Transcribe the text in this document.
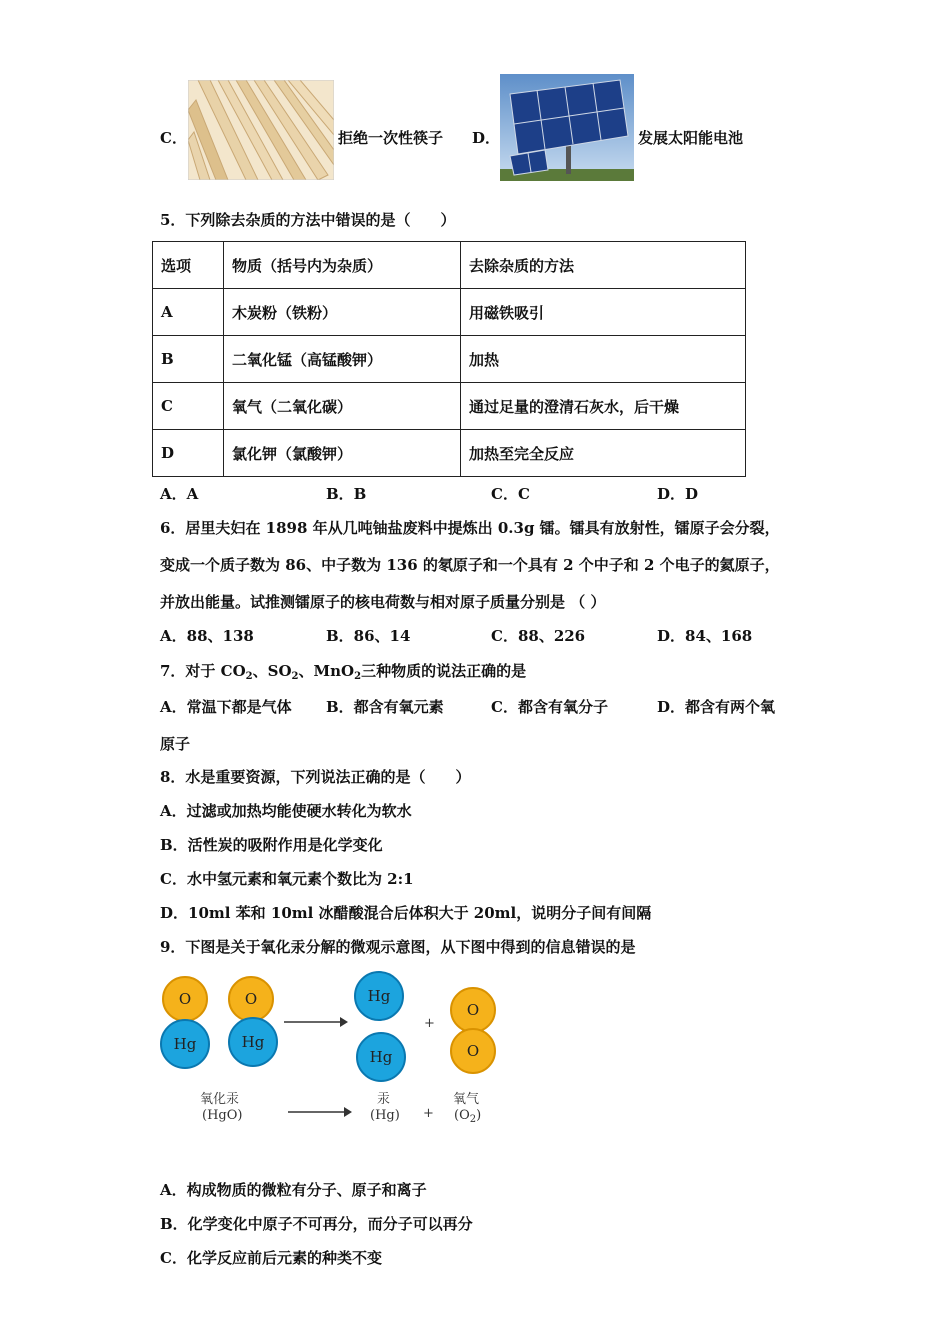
C．	拒绝一次性筷子 D．	发展太阳能电池
5．下列除去杂质的方法中错误的是（　　）
选项	物质（括号内为杂质）	去除杂质的方法
A	木炭粉（铁粉）	用磁铁吸引
B	二氧化锰（高锰酸钾）	加热
C	氧气（二氧化碳）	通过足量的澄清石灰水，后干燥
D	氯化钾（氯酸钾）	加热至完全反应
A．A	B．B	C．C	D．D
6．居里夫妇在 1898 年从几吨铀盐废料中提炼出 0.3g 镭。镭具有放射性，镭原子会分裂，
变成一个质子数为 86、中子数为 136 的氡原子和一个具有 2 个中子和 2 个电子的氦原子，
并放出能量。试推测镭原子的核电荷数与相对原子质量分别是 （ ）
A．88、138	B．86、14	C．88、226	D．84、168
7．对于 $CO_2$、$SO_2$、MnO$_2$三种物质的说法正确的是
A．常温下都是气体 B．都含有氧元素	C．都含有氧分子	D．都含有两个氧
原子
8．水是重要资源，下列说法正确的是（　　）
A．过滤或加热均能使硬水转化为软水
B．活性炭的吸附作用是化学变化
C．水中氢元素和氧元素个数比为 2:1
D．10ml 苯和 10ml 冰醋酸混合后体积大于 20ml，说明分子间有间隔
9．下图是关于氧化汞分解的微观示意图，从下图中得到的信息错误的是
O
Hg
O
Hg
Hg
Hg
+
O
O
氧化汞
(HgO)
汞
(Hg) +
氧气
$(O_2)$
A．构成物质的微粒有分子、原子和离子
B．化学变化中原子不可再分，而分子可以再分
C．化学反应前后元素的种类不变
